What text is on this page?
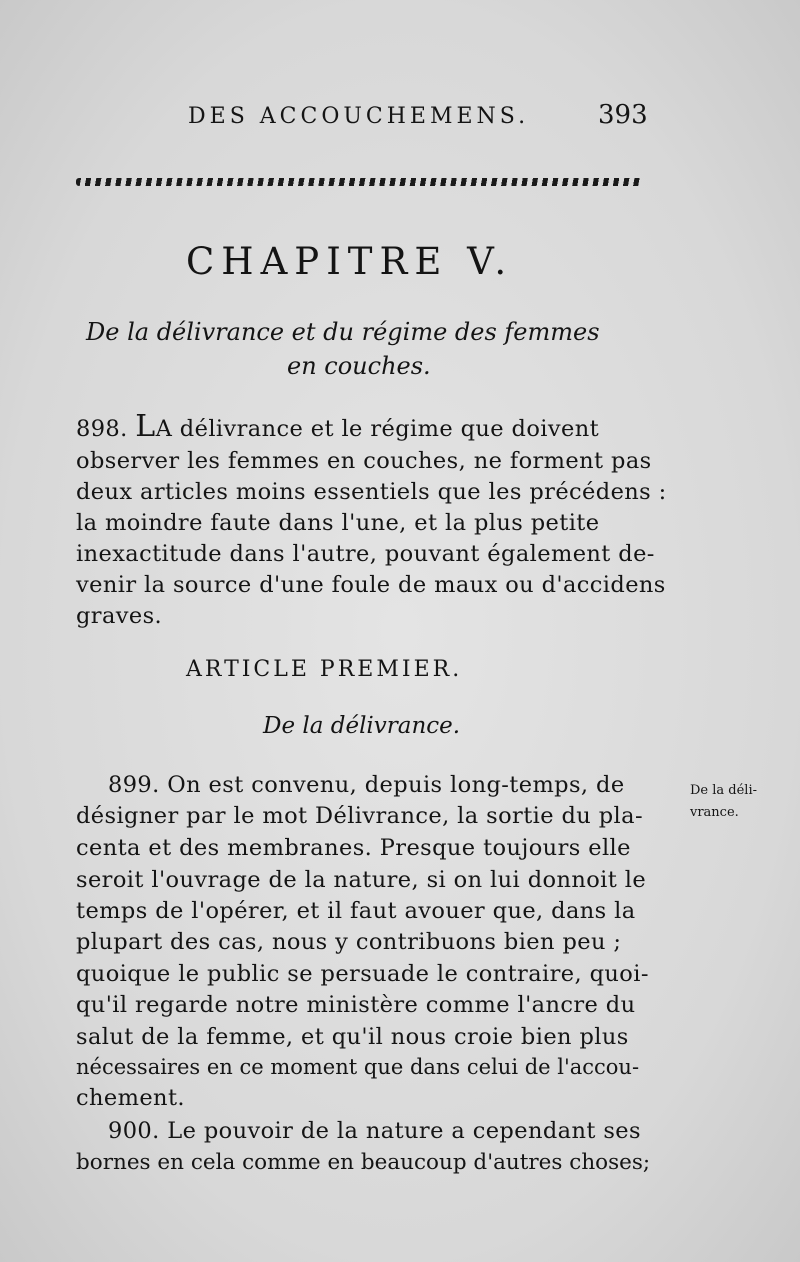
DES ACCOUCHEMENS.	393
CHAPITRE V.
De la délivrance et du régime des femmes
en couches.
898. LA délivrance et le régime que doivent
observer les femmes en couches, ne forment pas
deux articles moins essentiels que les précédens :
la moindre faute dans l'une, et la plus petite
inexactitude dans l'autre, pouvant également de-
venir la source d'une foule de maux ou d'accidens
graves.
ARTICLE PREMIER.
De la délivrance.
899. On est convenu, depuis long-temps, de
désigner par le mot Délivrance, la sortie du pla-
centa et des membranes. Presque toujours elle
seroit l'ouvrage de la nature, si on lui donnoit le
temps de l'opérer, et il faut avouer que, dans la
plupart des cas, nous y contribuons bien peu ;
quoique le public se persuade le contraire, quoi-
qu'il regarde notre ministère comme l'ancre du
salut de la femme, et qu'il nous croie bien plus
nécessaires en ce moment que dans celui de l'accou-
chement.
900. Le pouvoir de la nature a cependant ses
bornes en cela comme en beaucoup d'autres choses;
De la déli-
vrance.
